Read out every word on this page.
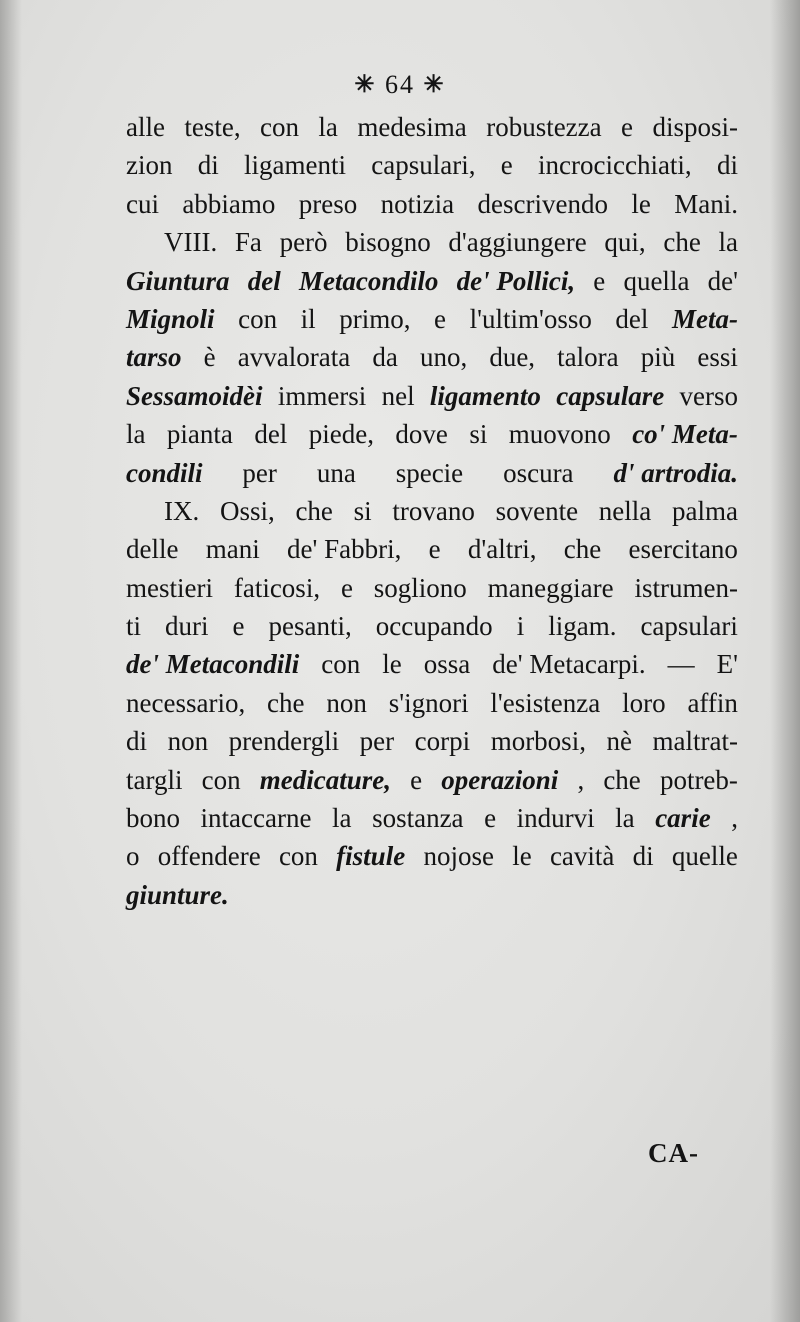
✳ 64 ✳
alle teste, con la medesima robustezza e disposi-
zion di ligamenti capsulari, e incrocicchiati, di
cui abbiamo preso notizia descrivendo le Mani.
VIII. Fa però bisogno d'aggiungere qui, che la
Giuntura del Metacondilo de' Pollici, e quella de'
Mignoli con il primo, e l'ultim'osso del Meta-
tarso è avvalorata da uno, due, talora più essi
Sessamoidèi immersi nel ligamento capsulare verso
la pianta del piede, dove si muovono co' Meta-
condili per una specie oscura d' artrodia.
IX. Ossi, che si trovano sovente nella palma
delle mani de' Fabbri, e d'altri, che esercitano
mestieri faticosi, e sogliono maneggiare istrumen-
ti duri e pesanti, occupando i ligam. capsulari
de' Metacondili con le ossa de' Metacarpi. — E'
necessario, che non s'ignori l'esistenza loro affin
di non prendergli per corpi morbosi, nè maltrat-
targli con medicature, e operazioni , che potreb-
bono intaccarne la sostanza e indurvi la carie ,
o offendere con fistule nojose le cavità di quelle
giunture.
CA-
